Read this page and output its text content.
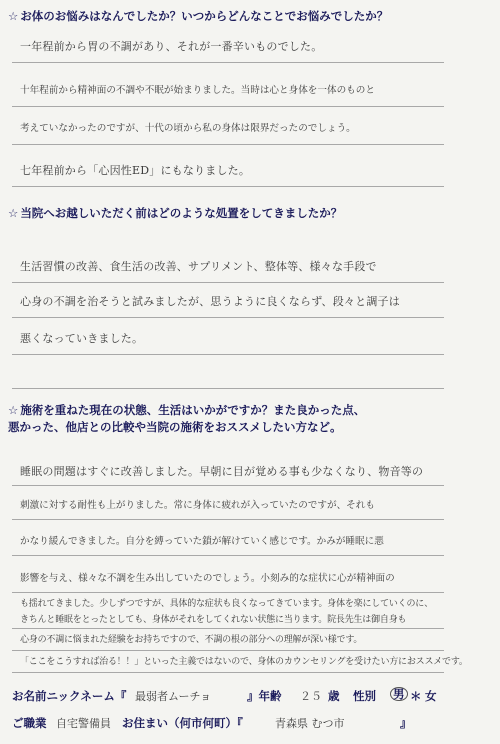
☆ お体のお悩みはなんでしたか？いつからどんなことでお悩みでしたか？
一年程前から胃の不調があり、それが一番辛いものでした。
十年程前から精神面の不調や不眠が始まりました。当時は心と身体を一体のものと
考えていなかったのですが、十代の頃から私の身体は限界だったのでしょう。
七年程前から「心因性ED」にもなりました。
☆ 当院へお越しいただく前はどのような処置をしてきましたか？
生活習慣の改善、食生活の改善、サプリメント、整体等、様々な手段で
心身の不調を治そうと試みましたが、思うように良くならず、段々と調子は
悪くなっていきました。
☆ 施術を重ねた現在の状態、生活はいかがですか？また良かった点、
悪かった、他店との比較や当院の施術をおススメしたい方など。
睡眠の問題はすぐに改善しました。早朝に目が覚める事も少なくなり、物音等の
刺激に対する耐性も上がりました。常に身体に疲れが入っていたのですが、それも
かなり緩んできました。自分を縛っていた鎖が解けていく感じです。かみが睡眠に悪
影響を与え、様々な不調を生み出していたのでしょう。小刻み的な症状に心が精神面の
も揺れてきました。少しずつですが、具体的な症状も良くなってきています。身体を楽にしていくのに、
きちんと睡眠をとったとしても、身体がそれをしてくれない状態に当ります。院長先生は御自身も
心身の不調に悩まれた経験をお持ちですので、不調の根の部分への理解が深い様です。
「ここをこうすれば治る！！」といった主義ではないので、身体のカウンセリングを受けたい方におススメです。
お名前ニックネーム『 最弱者ムーチョ	』年齢 ２５ 歳 性別 男 ＊ 女
ご職業 自宅警備員 お住まい（何市何町）『	青森県 むつ市	』
